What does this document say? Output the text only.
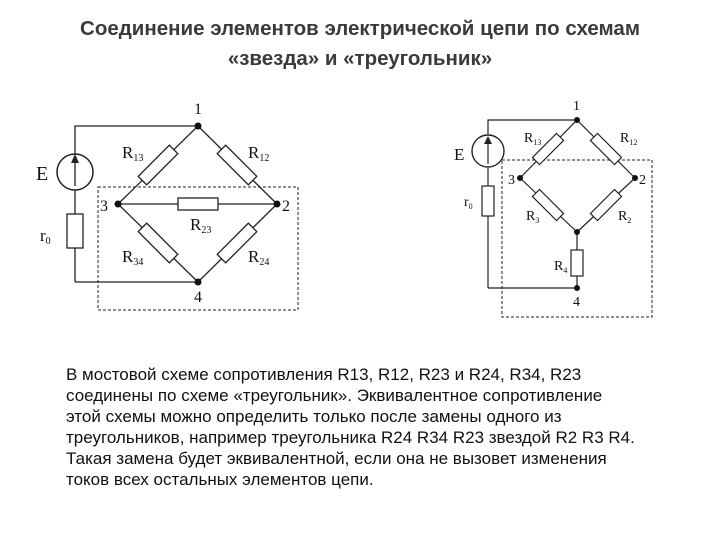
Соединение элементов электрической цепи по схемам
«звезда» и «треугольник»
E
r0
1
2
3
4
R13	R12
R23
R34	R24
E
$r_0$
1
2
3
4
$R_{13}$	$R_{12}$
$R_3$	$R_2$
$R_4$

В мостовой схеме сопротивления R13, R12, R23 и R24, R34, R23

соединены по схеме «треугольник». Эквивалентное сопротивление

этой схемы можно определить только после замены одного из

треугольников, например треугольника R24 R34 R23 звездой R2 R3 R4.

Такая замена будет эквивалентной, если она не вызовет изменения

токов всех остальных элементов цепи.
